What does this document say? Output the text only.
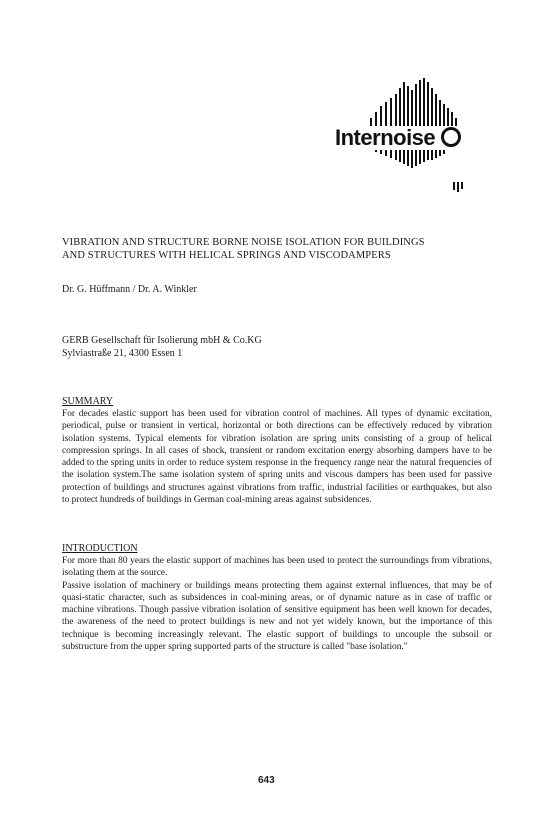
Internoise
VIBRATION AND STRUCTURE BORNE NOISE ISOLATION FOR BUILDINGS
AND STRUCTURES WITH HELICAL SPRINGS AND VISCODAMPERS
Dr. G. Hüffmann / Dr. A. Winkler
GERB Gesellschaft für Isolierung mbH & Co.KG
Sylviastraße 21, 4300 Essen 1
SUMMARY
For decades elastic support has been used for vibration control of machines. All types of dynamic excitation, periodical, pulse or transient in vertical, horizontal or both directions can be effectively reduced by vibration isolation systems. Typical elements for vibration isolation are spring units consisting of a group of helical compression springs. In all cases of shock, transient or random excitation energy absorbing dampers have to be added to the spring units in order to reduce system response in the frequency range near the natural frequencies of the isolation system.The same isolation system of spring units and viscous dampers has been used for passive protection of buildings and structures against vibrations from traffic, industrial facilities or earthquakes, but also to protect hundreds of buildings in German coal-mining areas against subsidences.
INTRODUCTION
For more than 80 years the elastic support of machines has been used to protect the surroundings from vibrations, isolating them at the source.
Passive isolation of machinery or buildings means protecting them against external influences, that may be of quasi-static character, such as subsidences in coal-mining areas, or of dynamic nature as in case of traffic or machine vibrations. Though passive vibration isolation of sensitive equipment has been well known for decades, the awareness of the need to protect buildings is new and not yet widely known, but the importance of this technique is becoming increasingly relevant. The elastic support of buildings to uncouple the subsoil or substructure from the upper spring supported parts of the structure is called "base isolation."
643
